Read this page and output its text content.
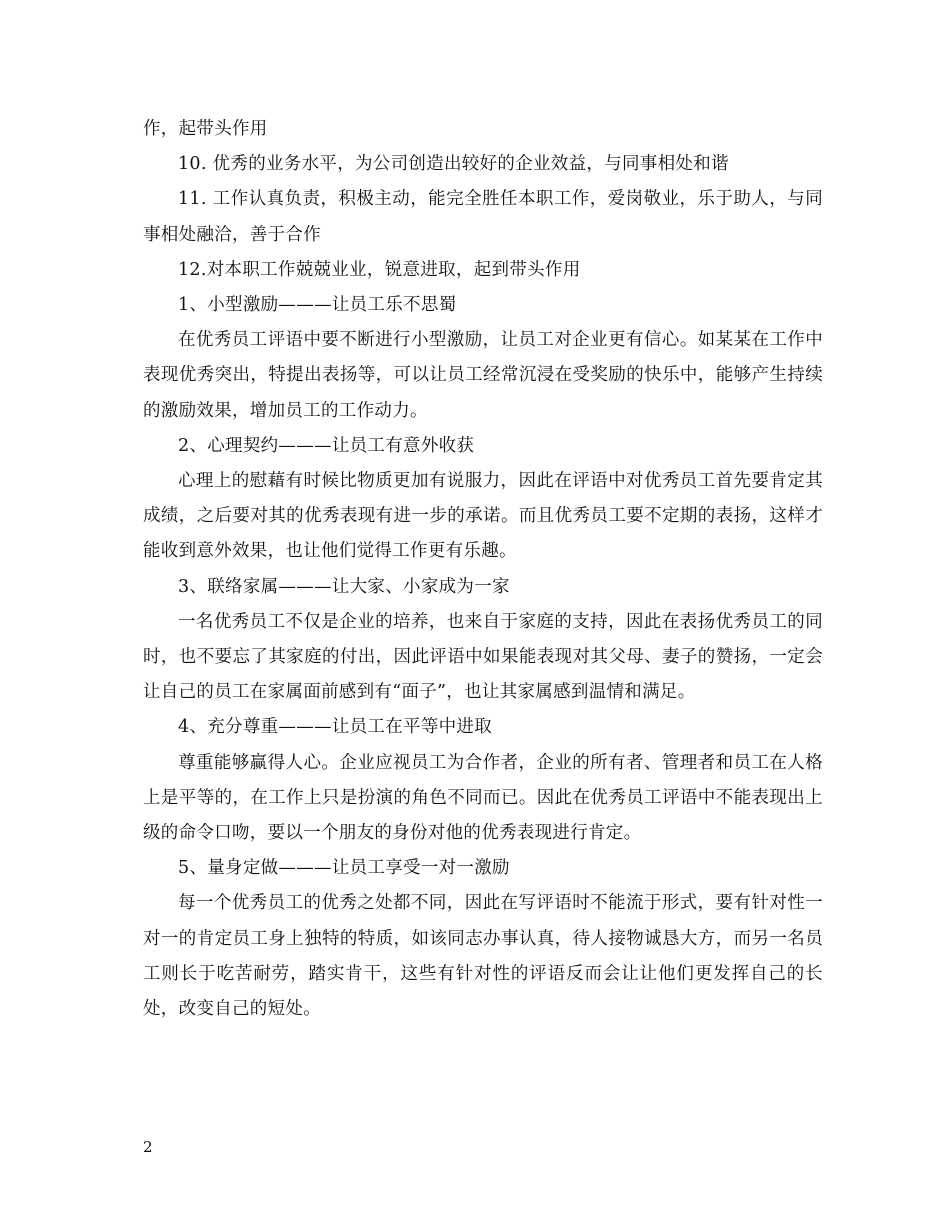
作，起带头作用

10. 优秀的业务水平，为公司创造出较好的企业效益，与同事相处和谐

11. 工作认真负责，积极主动，能完全胜任本职工作，爱岗敬业，乐于助人，与同事相处融洽，善于合作

12.对本职工作兢兢业业，锐意进取，起到带头作用

1、小型激励———让员工乐不思蜀

在优秀员工评语中要不断进行小型激励，让员工对企业更有信心。如某某在工作中表现优秀突出，特提出表扬等，可以让员工经常沉浸在受奖励的快乐中，能够产生持续的激励效果，增加员工的工作动力。

2、心理契约———让员工有意外收获

心理上的慰藉有时候比物质更加有说服力，因此在评语中对优秀员工首先要肯定其成绩，之后要对其的优秀表现有进一步的承诺。而且优秀员工要不定期的表扬，这样才能收到意外效果，也让他们觉得工作更有乐趣。

3、联络家属———让大家、小家成为一家

一名优秀员工不仅是企业的培养，也来自于家庭的支持，因此在表扬优秀员工的同时，也不要忘了其家庭的付出，因此评语中如果能表现对其父母、妻子的赞扬，一定会让自己的员工在家属面前感到有“面子”，也让其家属感到温情和满足。

4、充分尊重———让员工在平等中进取

尊重能够赢得人心。企业应视员工为合作者，企业的所有者、管理者和员工在人格上是平等的，在工作上只是扮演的角色不同而已。因此在优秀员工评语中不能表现出上级的命令口吻，要以一个朋友的身份对他的优秀表现进行肯定。

5、量身定做———让员工享受一对一激励

每一个优秀员工的优秀之处都不同，因此在写评语时不能流于形式，要有针对性一对一的肯定员工身上独特的特质，如该同志办事认真，待人接物诚恳大方，而另一名员工则长于吃苦耐劳，踏实肯干，这些有针对性的评语反而会让让他们更发挥自己的长处，改变自己的短处。

2
